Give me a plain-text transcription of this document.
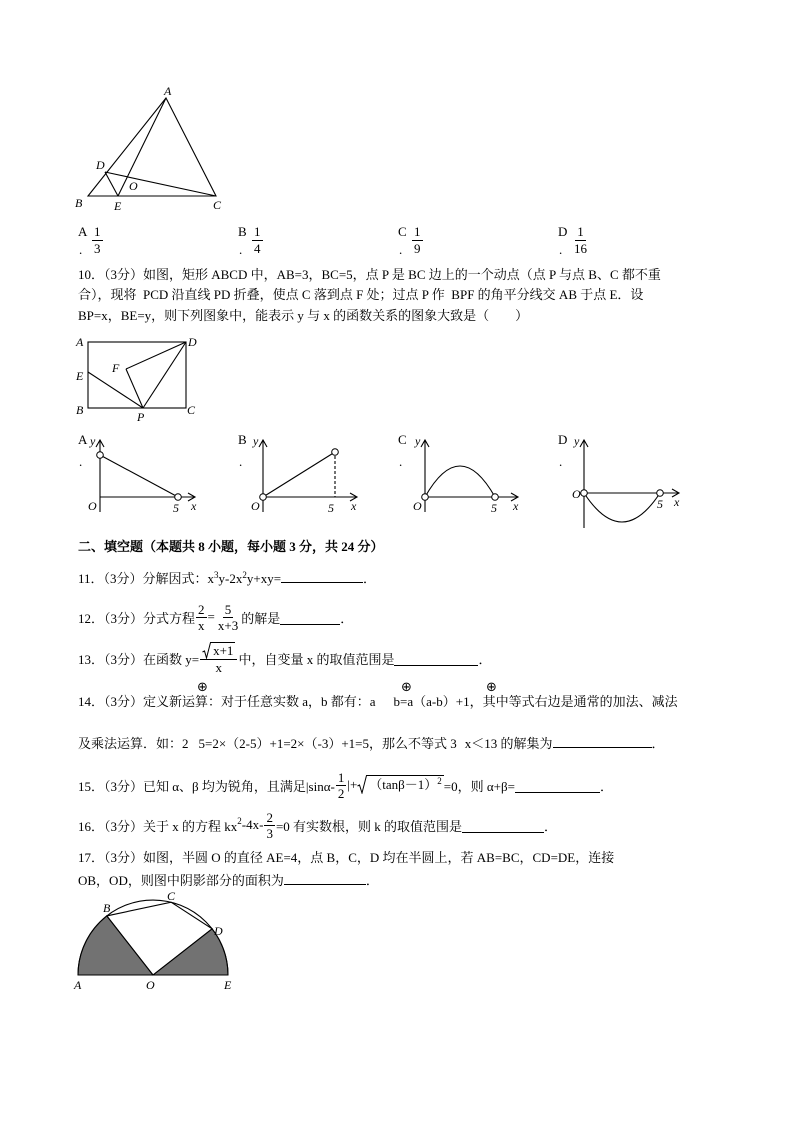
A
B	C
D
E
O
A
. $\frac{1}{3}$	B
. $\frac{1}{4}$	C
. $\frac{1}{9}$	D
. $\frac{1}{16}$
10．（3分）如图，矩形 ABCD 中，AB=3，BC=5，点 P 是 BC 边上的一个动点（点 P 与点 B、C 都不重
合），现将  PCD 沿直线 PD 折叠，使点 C 落到点 F 处；过点 P 作  BPF 的角平分线交 AB 于点 E．设
BP=x，BE=y，则下列图象中，能表示 y 与 x 的函数关系的图象大致是（　　）
A	D
E
F
B	C
P
y
O	5 x
y
O	5 x
y
O	5 x
y
O
5 x
A
.
B
.
C
.
D
.
二、填空题（本题共 8 小题，每小题 3 分，共 24 分）
11．（3分）分解因式：$x^3y-2x^2y+xy=$	．
12．（3分）分式方程 $\frac{2}{x} = \frac{5}{x+3}$ 的解是	．
13．（3分）在函数 $y= \frac{x+1}{x}$ 中，自变量 x 的取值范围是	．
⊕	⊕	⊕
14．（3分）定义新运算：对于任意实数 a，b 都有：a b=a（a-b）+1，其中等式右边是通常的加法、减法
及乘法运算．如：2 5=2×（2-5）+1=2×（-3）+1=5，那么不等式 3 x＜13 的解集为	．
15．（3分）已知 α、β 均为锐角，且满足$|\sin\alpha- \frac{1}{2}$ |+ $(\tan\beta-1)^2 =0$，则 α+β=	．
16．（3分）关于 x 的方程 kx 2 $-4x- \frac{2}{3} =0$ 有实数根，则 k 的取值范围是	．
17．（3分）如图，半圆 O 的直径 AE=4，点 B，C，D 均在半圆上，若 AB=BC，CD=DE，连接
OB，OD，则图中阴影部分的面积为	．
B
C
D
A	O	E
